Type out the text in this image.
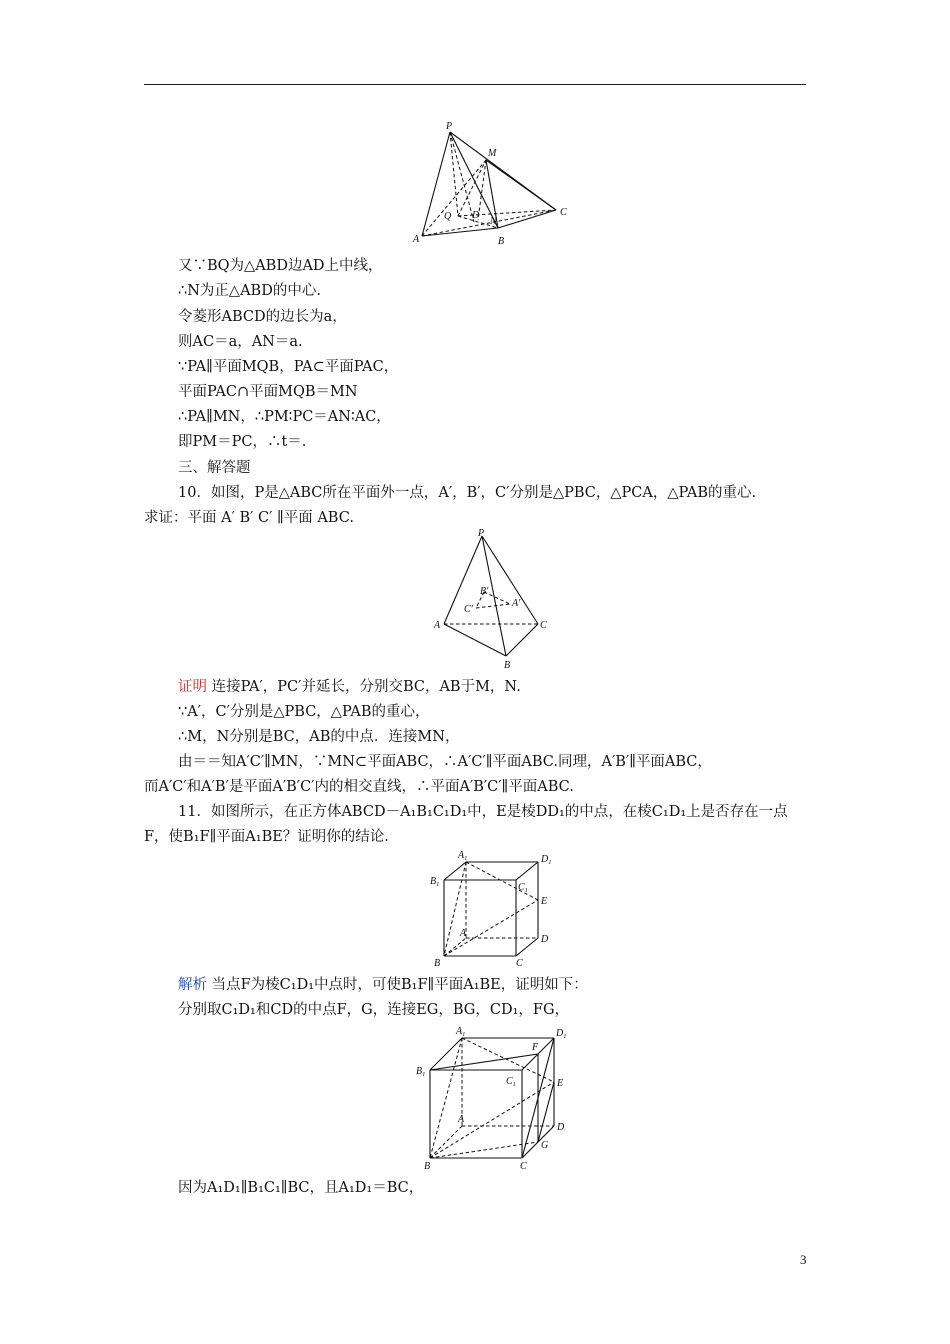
P
M
A	B
C
Q D
N
又∵BQ为△ABD边AD上中线，
∴N为正△ABD的中心.
令菱形ABCD的边长为a，
则AC＝a，AN＝a.
∵PA∥平面MQB，PA⊂平面PAC，
平面PAC∩平面MQB＝MN
∴PA∥MN，∴PM∶PC＝AN∶AC，
即PM＝PC，∴t＝.
三、解答题
10．如图，P是△ABC所在平面外一点，A′，B′，C′分别是△PBC，△PCA，△PAB的重心.
求证：平面 A′ B′ C′ ∥平面 ABC.
P
A
B
C
B′
A′
C′
证明 连接PA′，PC′并延长，分别交BC，AB于M，N.
∵A′，C′分别是△PBC，△PAB的重心，
∴M，N分别是BC，AB的中点．连接MN，
由＝＝知A′C′∥MN，∵MN⊂平面ABC，∴A′C′∥平面ABC.同理，A′B′∥平面ABC，
而A′C′和A′B′是平面A′B′C′内的相交直线，∴平面A′B′C′∥平面ABC.
11．如图所示，在正方体ABCD－A₁B₁C₁D₁中，E是棱DD₁的中点，在棱C₁D₁上是否存在一点
F，使B₁F∥平面A₁BE？证明你的结论.
$A_1$	$D_1$
$B_1$	$C_1$
E
A
D
B	C
解析 当点F为棱C₁D₁中点时，可使B₁F∥平面A₁BE，证明如下：
分别取C₁D₁和CD的中点F，G，连接EG，BG，CD₁，FG，
$A_1$	$D_1$
F
$B_1$
$C_1$	E
A
D
G
B	C
因为A₁D₁∥B₁C₁∥BC，且A₁D₁＝BC，
3
